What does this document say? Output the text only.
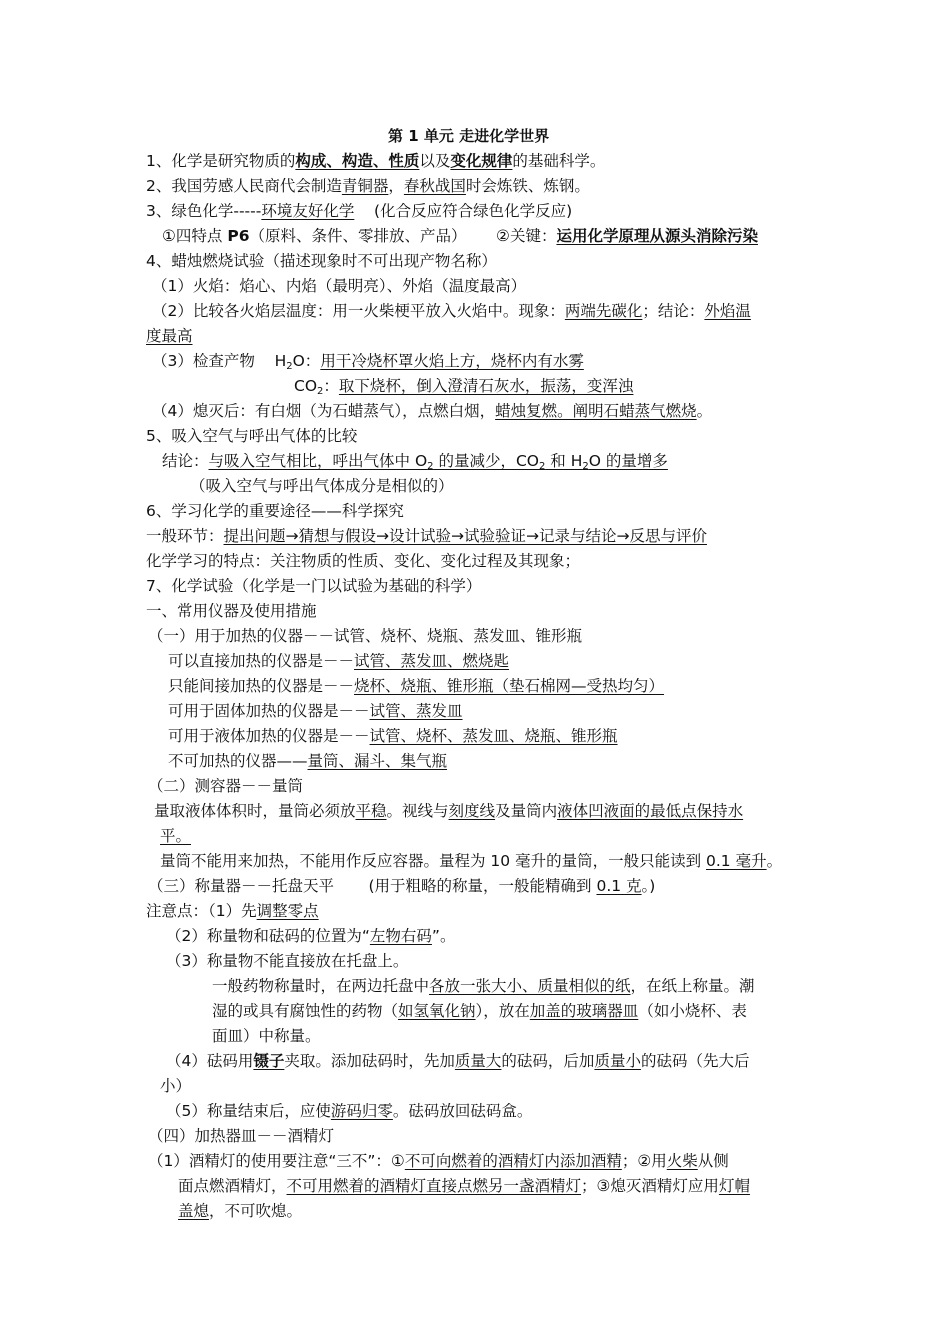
第 1 单元 走进化学世界
1、化学是研究物质的构成、构造、性质以及变化规律的基础科学。
2、我国劳感人民商代会制造青铜器，春秋战国时会炼铁、炼钢。
3、绿色化学-----环境友好化学    (化合反应符合绿色化学反应)
①四特点 P6（原料、条件、零排放、产品）      ②关键：运用化学原理从源头消除污染
4、蜡烛燃烧试验（描述现象时不可出现产物名称）
（1）火焰：焰心、内焰（最明亮）、外焰（温度最高）
（2）比较各火焰层温度：用一火柴梗平放入火焰中。现象：两端先碳化；结论：外焰温
度最高
（3）检查产物    $H_2O$：用干冷烧杯罩火焰上方，烧杯内有水雾
$CO_2$：取下烧杯，倒入澄清石灰水，振荡，变浑浊
（4）熄灭后：有白烟（为石蜡蒸气），点燃白烟，蜡烛复燃。阐明石蜡蒸气燃烧。
5、吸入空气与呼出气体的比较
结论：与吸入空气相比，呼出气体中 $O_2$ 的量减少，$CO_2$ 和 $H_2O$ 的量增多
（吸入空气与呼出气体成分是相似的）
6、学习化学的重要途径——科学探究
一般环节：提出问题→猜想与假设→设计试验→试验验证→记录与结论→反思与评价
化学学习的特点：关注物质的性质、变化、变化过程及其现象；
7、化学试验（化学是一门以试验为基础的科学）
一、常用仪器及使用措施
（一）用于加热的仪器－－试管、烧杯、烧瓶、蒸发皿、锥形瓶
可以直接加热的仪器是－－试管、蒸发皿、燃烧匙
只能间接加热的仪器是－－烧杯、烧瓶、锥形瓶（垫石棉网—受热均匀）
可用于固体加热的仪器是－－试管、蒸发皿
可用于液体加热的仪器是－－试管、烧杯、蒸发皿、烧瓶、锥形瓶
不可加热的仪器——量筒、漏斗、集气瓶
（二）测容器－－量筒
量取液体体积时，量筒必须放平稳。视线与刻度线及量筒内液体凹液面的最低点保持水
平。
量筒不能用来加热，不能用作反应容器。量程为 10 毫升的量筒，一般只能读到 0.1 毫升。
（三）称量器－－托盘天平       (用于粗略的称量，一般能精确到 0.1 克。)
注意点：（1）先调整零点
（2）称量物和砝码的位置为“左物右码”。
（3）称量物不能直接放在托盘上。
一般药物称量时，在两边托盘中各放一张大小、质量相似的纸，在纸上称量。潮
湿的或具有腐蚀性的药物（如氢氧化钠），放在加盖的玻璃器皿（如小烧杯、表
面皿）中称量。
（4）砝码用镊子夹取。添加砝码时，先加质量大的砝码，后加质量小的砝码（先大后
小）
（5）称量结束后，应使游码归零。砝码放回砝码盒。
（四）加热器皿－－酒精灯
（1）酒精灯的使用要注意“三不”：①不可向燃着的酒精灯内添加酒精；②用火柴从侧
面点燃酒精灯，不可用燃着的酒精灯直接点燃另一盏酒精灯；③熄灭酒精灯应用灯帽
盖熄，不可吹熄。
